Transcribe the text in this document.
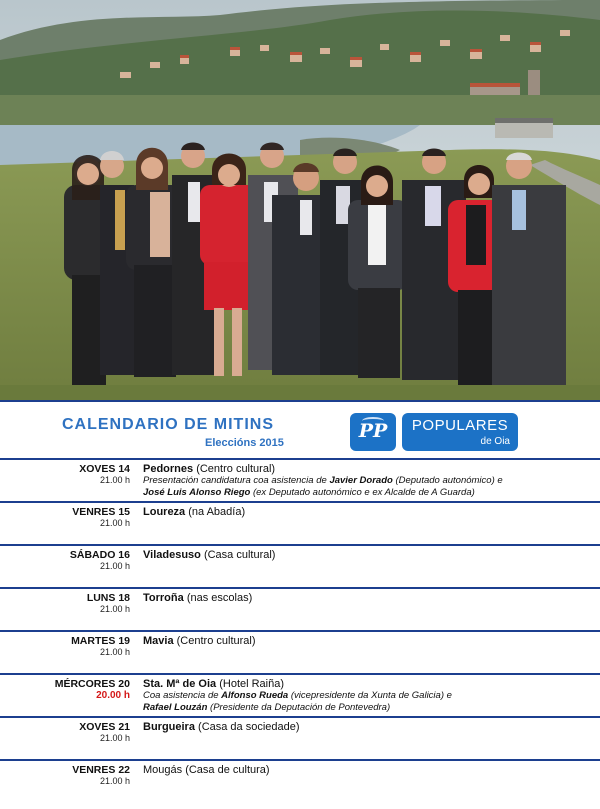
CALENDARIO DE MITINS
Eleccións 2015
PP	POPULARES
de Oia
XOVES 14
21.00 h
Pedornes (Centro cultural)
Presentación candidatura coa asistencia de Javier Dorado (Deputado autonómico) e
José Luis Alonso Riego (ex Deputado autonómico e ex Alcalde de A Guarda)
VENRES 15
21.00 h
Loureza (na Abadía)
SÁBADO 16
21.00 h
Viladesuso (Casa cultural)
LUNS 18
21.00 h
Torroña (nas escolas)
MARTES 19
21.00 h
Mavia (Centro cultural)
MÉRCORES 20
20.00 h
Sta. Mª de Oia (Hotel Raiña)
Coa asistencia de Alfonso Rueda (vicepresidente da Xunta de Galicia) e
Rafael Louzán (Presidente da Deputación de Pontevedra)
XOVES 21
21.00 h
Burgueira (Casa da sociedade)
VENRES 22
21.00 h
Mougás (Casa de cultura)
